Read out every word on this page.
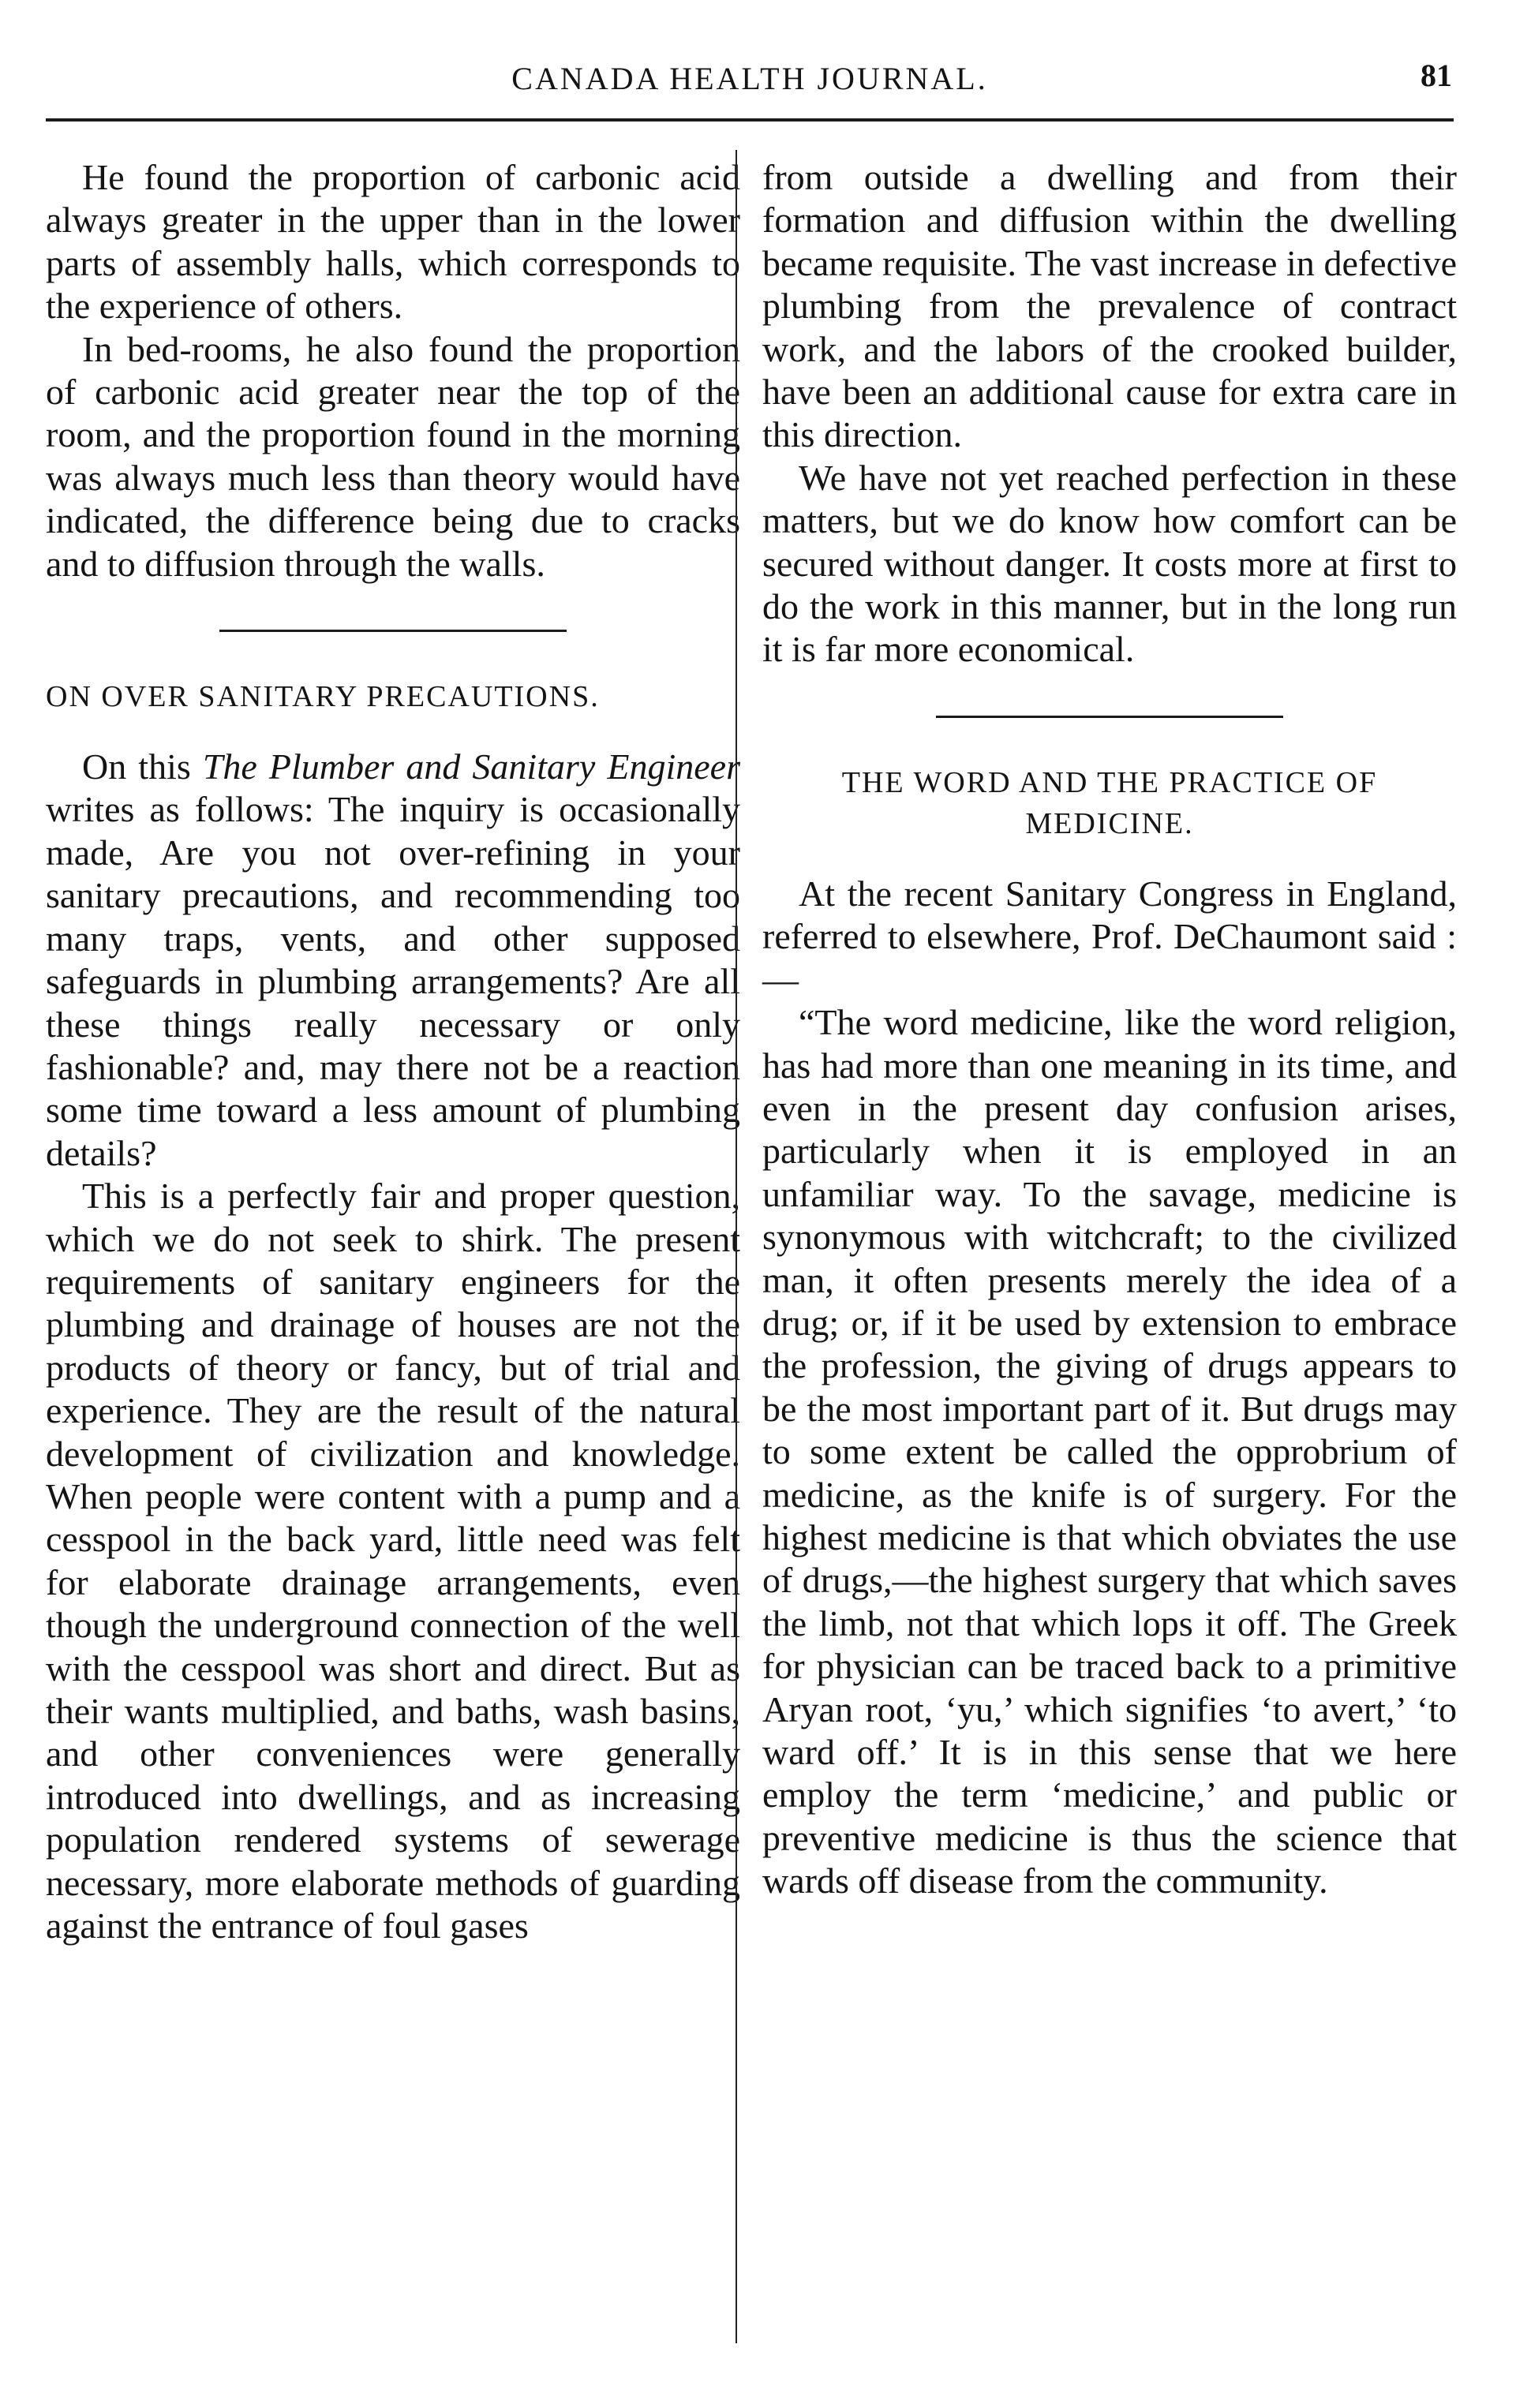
CANADA HEALTH JOURNAL.	81

He found the proportion of carbonic acid always greater in the upper than in the lower parts of assembly halls, which corresponds to the experience of others.

In bed-rooms, he also found the proportion of carbonic acid greater near the top of the room, and the proportion found in the morning was always much less than theory would have indicated, the difference being due to cracks and to diffusion through the walls.

ON OVER SANITARY PRECAUTIONS.

On this The Plumber and Sanitary Engineer writes as follows: The inquiry is occasionally made, Are you not over-refining in your sanitary precautions, and recommending too many traps, vents, and other supposed safeguards in plumbing arrangements? Are all these things really necessary or only fashionable? and, may there not be a reaction some time toward a less amount of plumbing details?

This is a perfectly fair and proper question, which we do not seek to shirk. The present requirements of sanitary engineers for the plumbing and drainage of houses are not the products of theory or fancy, but of trial and experience. They are the result of the natural development of civilization and knowledge. When people were content with a pump and a cesspool in the back yard, little need was felt for elaborate drainage arrangements, even though the underground connection of the well with the cesspool was short and direct. But as their wants multiplied, and baths, wash basins, and other conveniences were generally introduced into dwellings, and as increasing population rendered systems of sewerage necessary, more elaborate methods of guarding against the entrance of foul gases

from outside a dwelling and from their formation and diffusion within the dwelling became requisite. The vast increase in defective plumbing from the prevalence of contract work, and the labors of the crooked builder, have been an additional cause for extra care in this direction.

We have not yet reached perfection in these matters, but we do know how comfort can be secured without danger. It costs more at first to do the work in this manner, but in the long run it is far more economical.

THE WORD AND THE PRACTICE OF MEDICINE.

At the recent Sanitary Congress in England, referred to elsewhere, Prof. DeChaumont said :—

“The word medicine, like the word religion, has had more than one meaning in its time, and even in the present day confusion arises, particularly when it is employed in an unfamiliar way. To the savage, medicine is synonymous with witchcraft; to the civilized man, it often presents merely the idea of a drug; or, if it be used by extension to embrace the profession, the giving of drugs appears to be the most important part of it. But drugs may to some extent be called the opprobrium of medicine, as the knife is of surgery. For the highest medicine is that which obviates the use of drugs,—the highest surgery that which saves the limb, not that which lops it off. The Greek for physician can be traced back to a primitive Aryan root, ‘yu,’ which signifies ‘to avert,’ ‘to ward off.’ It is in this sense that we here employ the term ‘medicine,’ and public or preventive medicine is thus the science that wards off disease from the community.
